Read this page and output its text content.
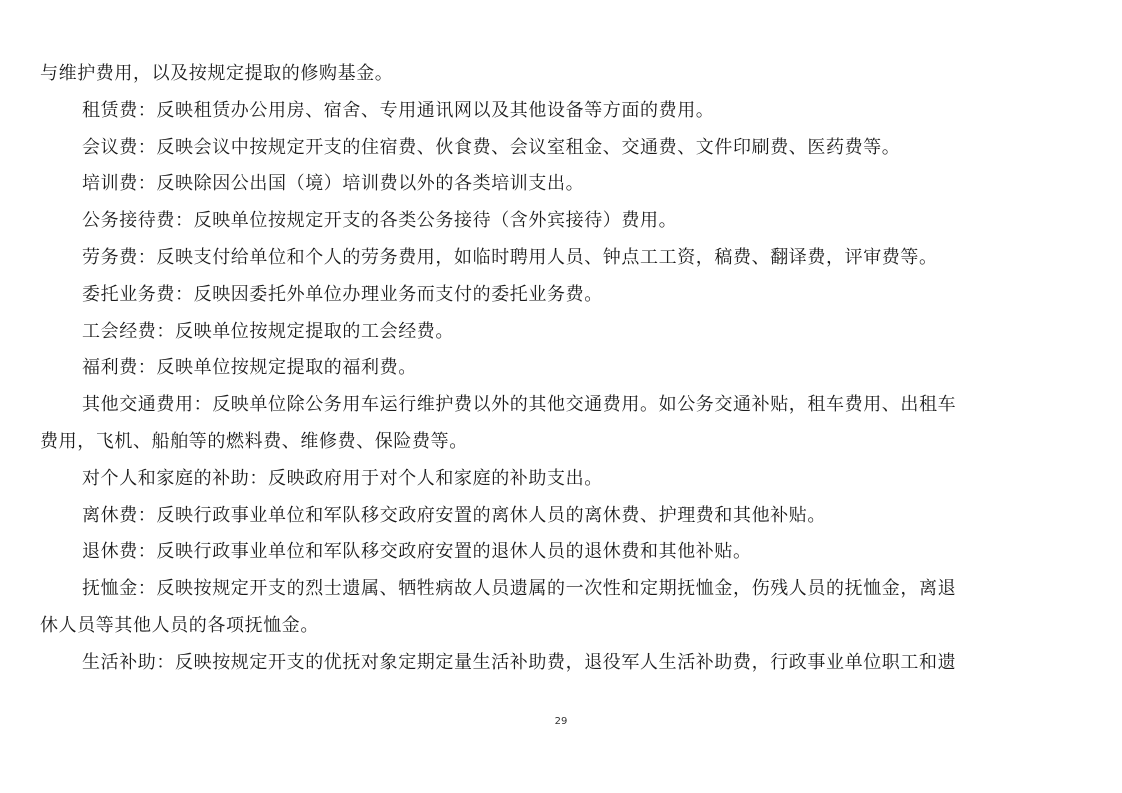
与维护费用，以及按规定提取的修购基金。
租赁费：反映租赁办公用房、宿舍、专用通讯网以及其他设备等方面的费用。
会议费：反映会议中按规定开支的住宿费、伙食费、会议室租金、交通费、文件印刷费、医药费等。
培训费：反映除因公出国（境）培训费以外的各类培训支出。
公务接待费：反映单位按规定开支的各类公务接待（含外宾接待）费用。
劳务费：反映支付给单位和个人的劳务费用，如临时聘用人员、钟点工工资，稿费、翻译费，评审费等。
委托业务费：反映因委托外单位办理业务而支付的委托业务费。
工会经费：反映单位按规定提取的工会经费。
福利费：反映单位按规定提取的福利费。
其他交通费用：反映单位除公务用车运行维护费以外的其他交通费用。如公务交通补贴，租车费用、出租车
费用，飞机、船舶等的燃料费、维修费、保险费等。
对个人和家庭的补助：反映政府用于对个人和家庭的补助支出。
离休费：反映行政事业单位和军队移交政府安置的离休人员的离休费、护理费和其他补贴。
退休费：反映行政事业单位和军队移交政府安置的退休人员的退休费和其他补贴。
抚恤金：反映按规定开支的烈士遗属、牺牲病故人员遗属的一次性和定期抚恤金，伤残人员的抚恤金，离退
休人员等其他人员的各项抚恤金。
生活补助：反映按规定开支的优抚对象定期定量生活补助费，退役军人生活补助费，行政事业单位职工和遗
29
